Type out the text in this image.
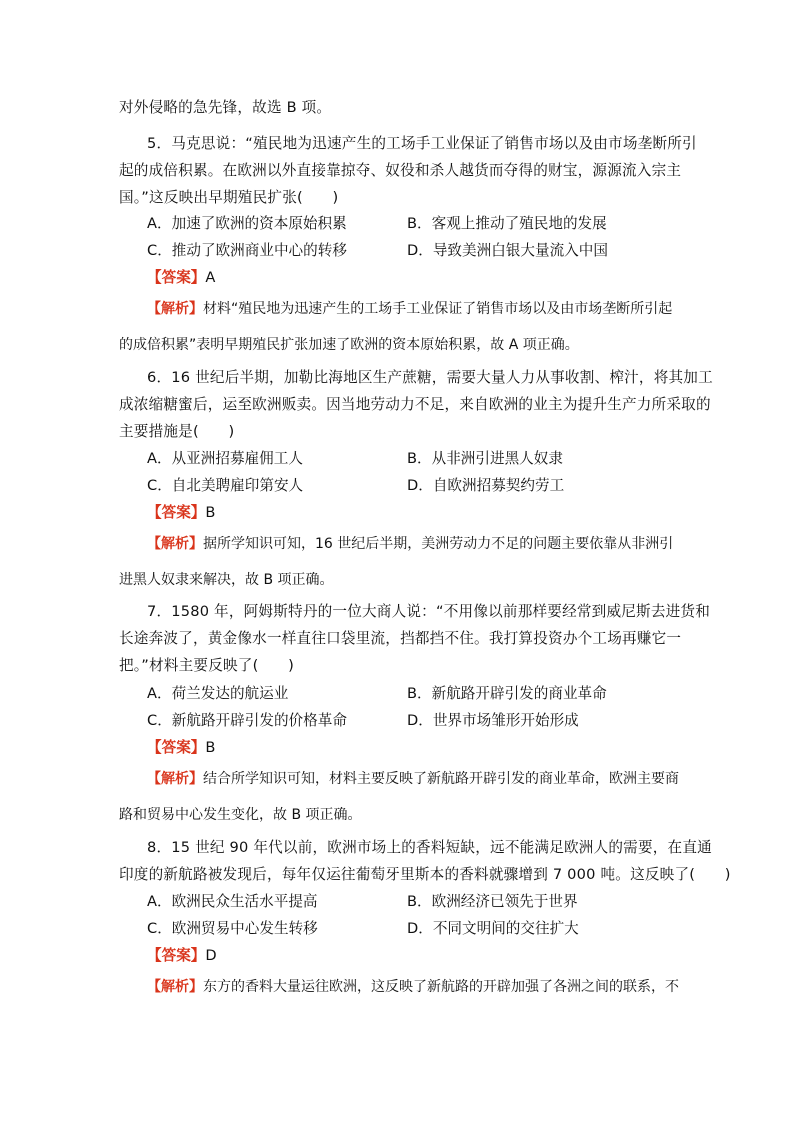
对外侵略的急先锋，故选 B 项。
5．马克思说：“殖民地为迅速产生的工场手工业保证了销售市场以及由市场垄断所引
起的成倍积累。在欧洲以外直接靠掠夺、奴役和杀人越货而夺得的财宝，源源流入宗主
国。”这反映出早期殖民扩张(　　)
A．加速了欧洲的资本原始积累	B．客观上推动了殖民地的发展
C．推动了欧洲商业中心的转移	D．导致美洲白银大量流入中国
【答案】A
【解析】材料“殖民地为迅速产生的工场手工业保证了销售市场以及由市场垄断所引起
的成倍积累”表明早期殖民扩张加速了欧洲的资本原始积累，故 A 项正确。
6．16 世纪后半期，加勒比海地区生产蔗糖，需要大量人力从事收割、榨汁，将其加工
成浓缩糖蜜后，运至欧洲贩卖。因当地劳动力不足，来自欧洲的业主为提升生产力所采取的
主要措施是(　　)
A．从亚洲招募雇佣工人	B．从非洲引进黑人奴隶
C．自北美聘雇印第安人	D．自欧洲招募契约劳工
【答案】B
【解析】据所学知识可知，16 世纪后半期，美洲劳动力不足的问题主要依靠从非洲引
进黑人奴隶来解决，故 B 项正确。
7．1580 年，阿姆斯特丹的一位大商人说：“不用像以前那样要经常到威尼斯去进货和
长途奔波了，黄金像水一样直往口袋里流，挡都挡不住。我打算投资办个工场再赚它一
把。”材料主要反映了(　　)
A．荷兰发达的航运业	B．新航路开辟引发的商业革命
C．新航路开辟引发的价格革命	D．世界市场雏形开始形成
【答案】B
【解析】结合所学知识可知，材料主要反映了新航路开辟引发的商业革命，欧洲主要商
路和贸易中心发生变化，故 B 项正确。
8．15 世纪 90 年代以前，欧洲市场上的香料短缺，远不能满足欧洲人的需要，在直通
印度的新航路被发现后，每年仅运往葡萄牙里斯本的香料就骤增到 7 000 吨。这反映了(　　)
A．欧洲民众生活水平提高	B．欧洲经济已领先于世界
C．欧洲贸易中心发生转移	D．不同文明间的交往扩大
【答案】D
【解析】东方的香料大量运往欧洲，这反映了新航路的开辟加强了各洲之间的联系，不
